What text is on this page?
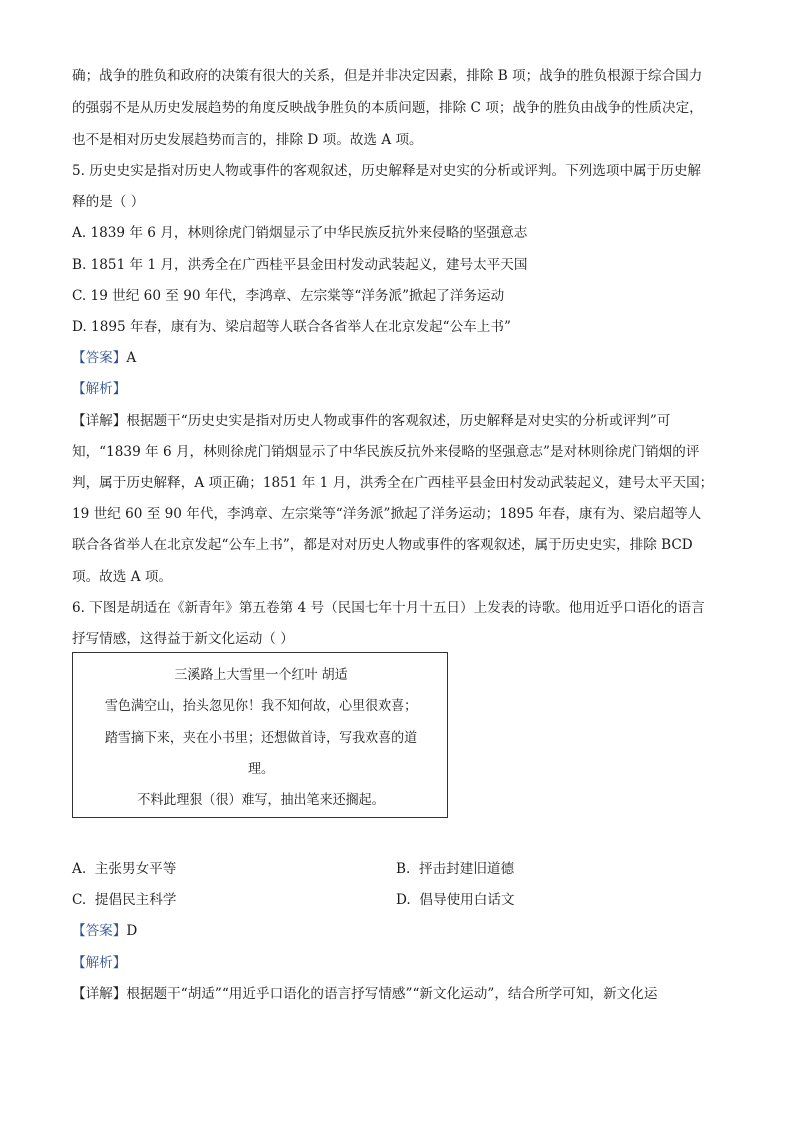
确；战争的胜负和政府的决策有很大的关系，但是并非决定因素，排除 B 项；战争的胜负根源于综合国力
的强弱不是从历史发展趋势的角度反映战争胜负的本质问题，排除 C 项；战争的胜负由战争的性质决定，
也不是相对历史发展趋势而言的，排除 D 项。故选 A 项。
5. 历史史实是指对历史人物或事件的客观叙述，历史解释是对史实的分析或评判。下列选项中属于历史解
释的是（ ）
A. 1839 年 6 月，林则徐虎门销烟显示了中华民族反抗外来侵略的坚强意志
B. 1851 年 1 月，洪秀全在广西桂平县金田村发动武装起义，建号太平天国
C. 19 世纪 60 至 90 年代，李鸿章、左宗棠等“洋务派”掀起了洋务运动
D. 1895 年春，康有为、梁启超等人联合各省举人在北京发起“公车上书”
【答案】A
【解析】
【详解】根据题干“历史史实是指对历史人物或事件的客观叙述，历史解释是对史实的分析或评判”可
知，“1839 年 6 月，林则徐虎门销烟显示了中华民族反抗外来侵略的坚强意志”是对林则徐虎门销烟的评
判，属于历史解释，A 项正确；1851 年 1 月，洪秀全在广西桂平县金田村发动武装起义，建号太平天国；
19 世纪 60 至 90 年代，李鸿章、左宗棠等“洋务派”掀起了洋务运动；1895 年春，康有为、梁启超等人
联合各省举人在北京发起“公车上书”，都是对对历史人物或事件的客观叙述，属于历史史实，排除 BCD
项。故选 A 项。
6. 下图是胡适在《新青年》第五卷第 4 号（民国七年十月十五日）上发表的诗歌。他用近乎口语化的语言
抒写情感，这得益于新文化运动（ ）
三溪路上大雪里一个红叶 胡适
雪色满空山，抬头忽见你！我不知何故，心里很欢喜；
踏雪摘下来，夹在小书里；还想做首诗，写我欢喜的道
理。
不料此理狠（很）难写，抽出笔来还搁起。
A. 主张男女平等	B. 抨击封建旧道德
C. 提倡民主科学	D. 倡导使用白话文
【答案】D
【解析】
【详解】根据题干“胡适”“用近乎口语化的语言抒写情感”“新文化运动”，结合所学可知，新文化运
